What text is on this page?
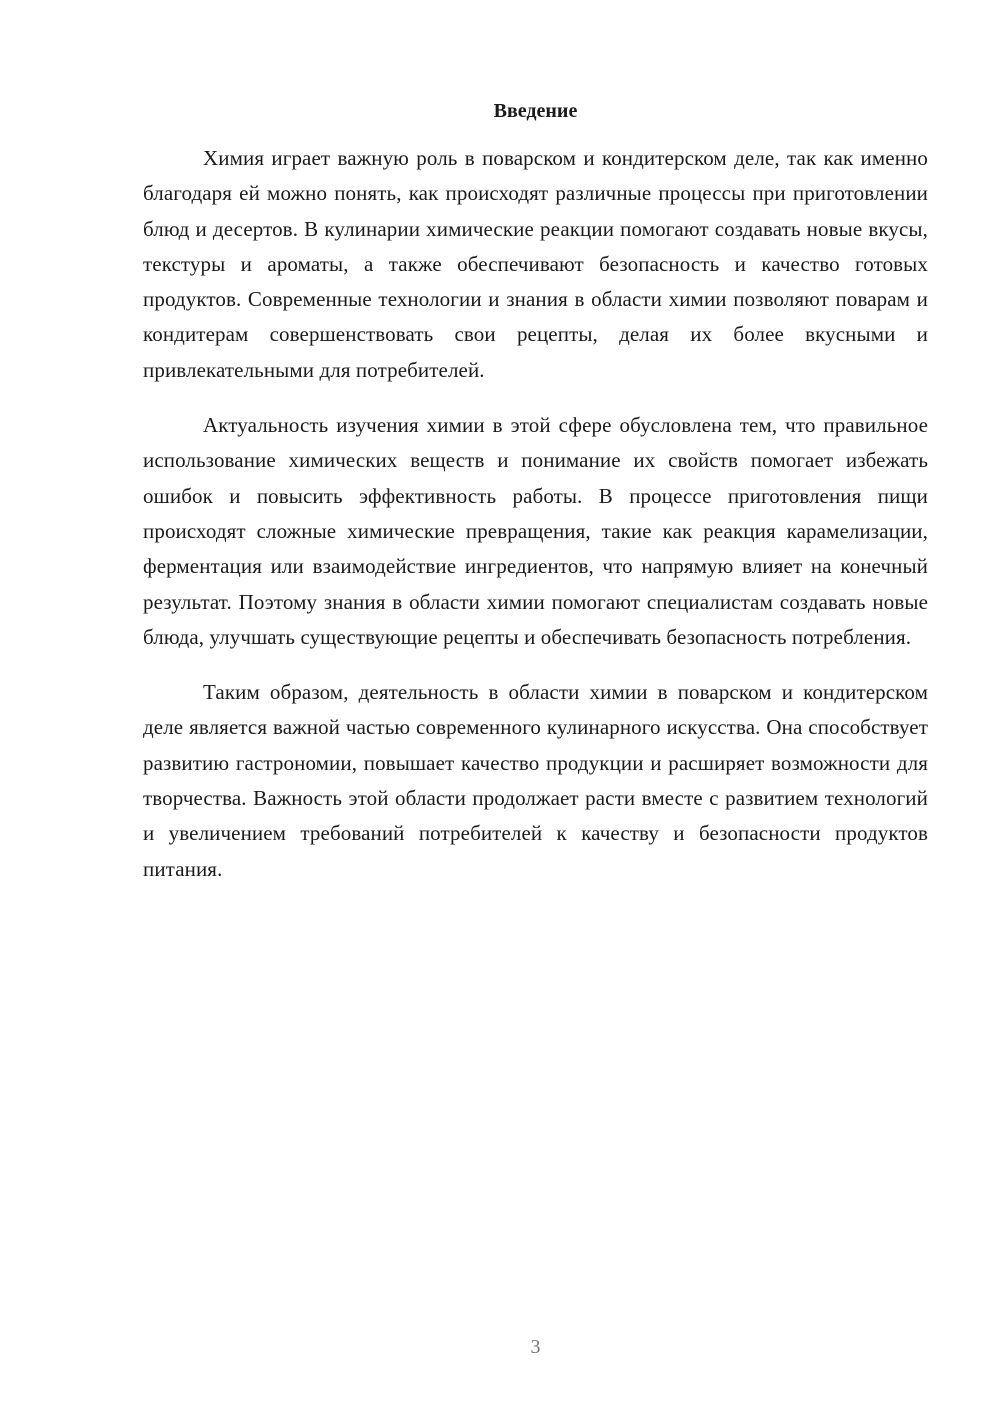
Введение

Химия играет важную роль в поварском и кондитерском деле, так как именно благодаря ей можно понять, как происходят различные процессы при приготовлении блюд и десертов. В кулинарии химические реакции помогают создавать новые вкусы, текстуры и ароматы, а также обеспечивают безопасность и качество готовых продуктов. Современные технологии и знания в области химии позволяют поварам и кондитерам совершенствовать свои рецепты, делая их более вкусными и привлекательными для потребителей.

Актуальность изучения химии в этой сфере обусловлена тем, что правильное использование химических веществ и понимание их свойств помогает избежать ошибок и повысить эффективность работы. В процессе приготовления пищи происходят сложные химические превращения, такие как реакция карамелизации, ферментация или взаимодействие ингредиентов, что напрямую влияет на конечный результат. Поэтому знания в области химии помогают специалистам создавать новые блюда, улучшать существующие рецепты и обеспечивать безопасность потребления.

Таким образом, деятельность в области химии в поварском и кондитерском деле является важной частью современного кулинарного искусства. Она способствует развитию гастрономии, повышает качество продукции и расширяет возможности для творчества. Важность этой области продолжает расти вместе с развитием технологий и увеличением требований потребителей к качеству и безопасности продуктов питания.

3
